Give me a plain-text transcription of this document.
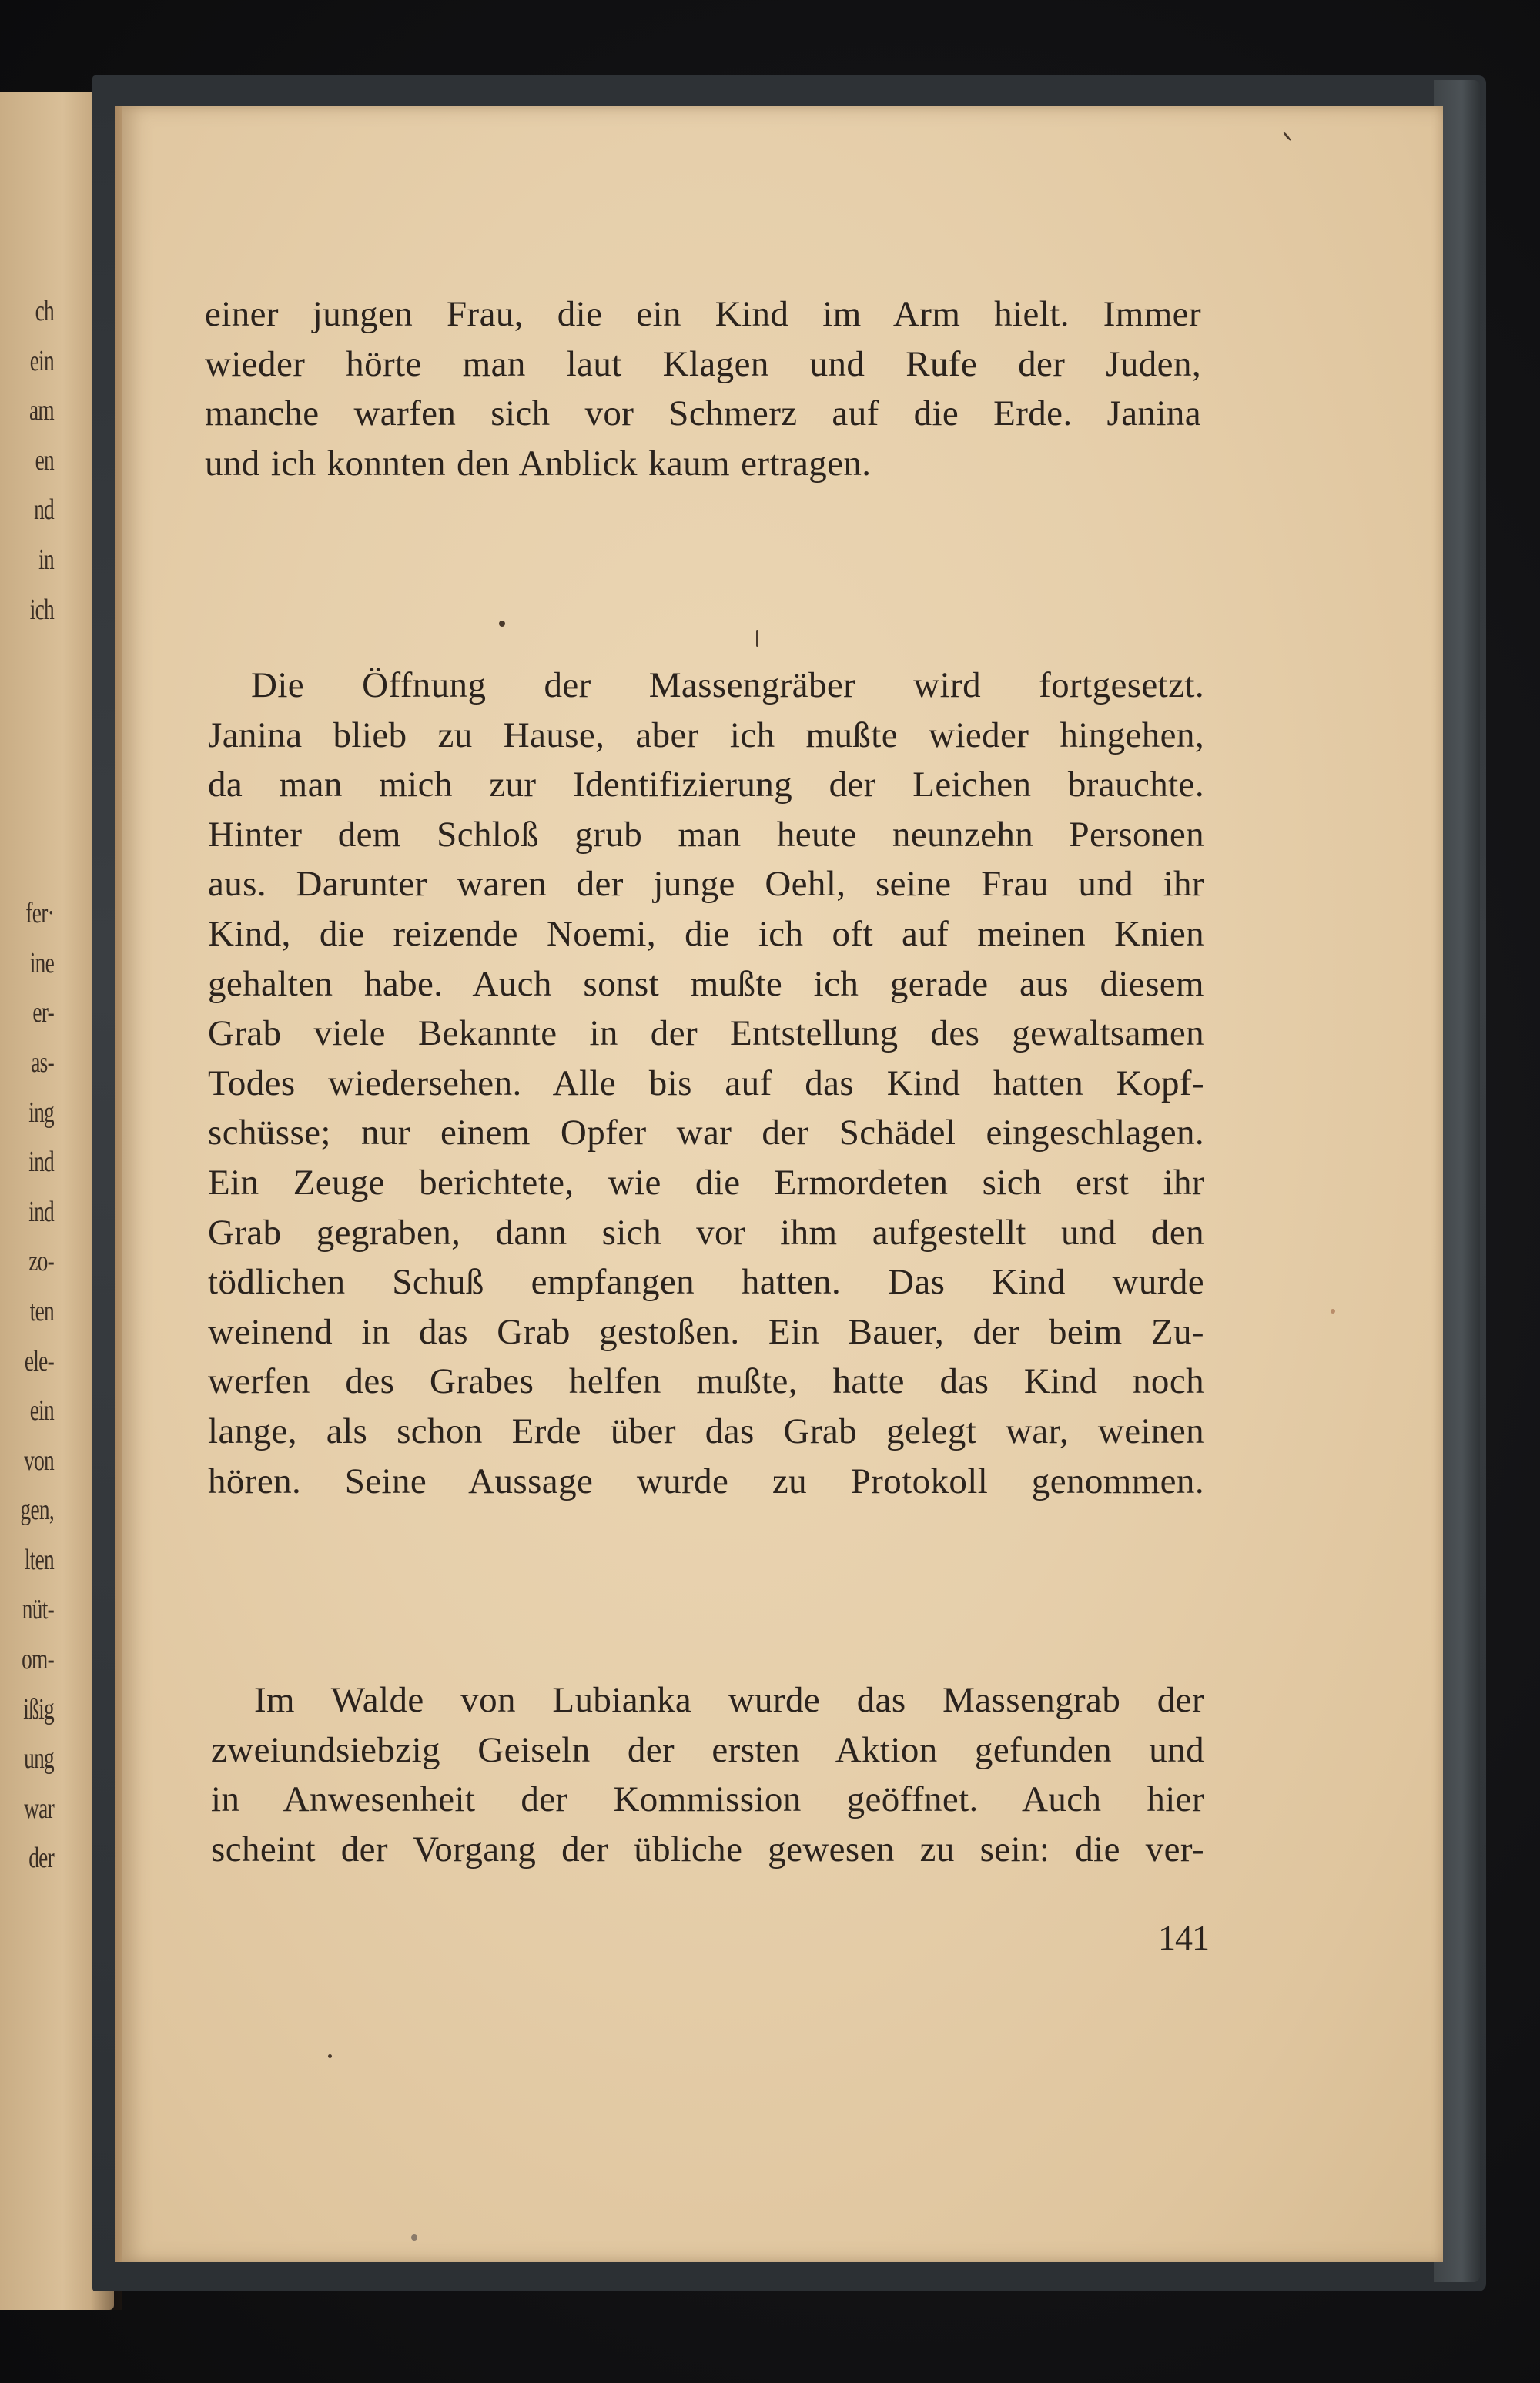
ch
ein
am
en
nd
in
ich
fer·
ine
er-
as-
ing
ind
ind
zo-
ten
ele-
ein
von
gen,
lten
nüt-
om-
ißig
ung
war
der
einer jungen Frau, die ein Kind im Arm hielt. Immer
wieder hörte man laut Klagen und Rufe der Juden,
manche warfen sich vor Schmerz auf die Erde. Janina
und ich konnten den Anblick kaum ertragen.
Die Öffnung der Massengräber wird fortgesetzt.
Janina blieb zu Hause, aber ich mußte wieder hingehen,
da man mich zur Identifizierung der Leichen brauchte.
Hinter dem Schloß grub man heute neunzehn Personen
aus. Darunter waren der junge Oehl, seine Frau und ihr
Kind, die reizende Noemi, die ich oft auf meinen Knien
gehalten habe. Auch sonst mußte ich gerade aus diesem
Grab viele Bekannte in der Entstellung des gewaltsamen
Todes wiedersehen. Alle bis auf das Kind hatten Kopf-
schüsse; nur einem Opfer war der Schädel eingeschlagen.
Ein Zeuge berichtete, wie die Ermordeten sich erst ihr
Grab gegraben, dann sich vor ihm aufgestellt und den
tödlichen Schuß empfangen hatten. Das Kind wurde
weinend in das Grab gestoßen. Ein Bauer, der beim Zu-
werfen des Grabes helfen mußte, hatte das Kind noch
lange, als schon Erde über das Grab gelegt war, weinen
hören. Seine Aussage wurde zu Protokoll genommen.
Im Walde von Lubianka wurde das Massengrab der
zweiundsiebzig Geiseln der ersten Aktion gefunden und
in Anwesenheit der Kommission geöffnet. Auch hier
scheint der Vorgang der übliche gewesen zu sein: die ver-
141
